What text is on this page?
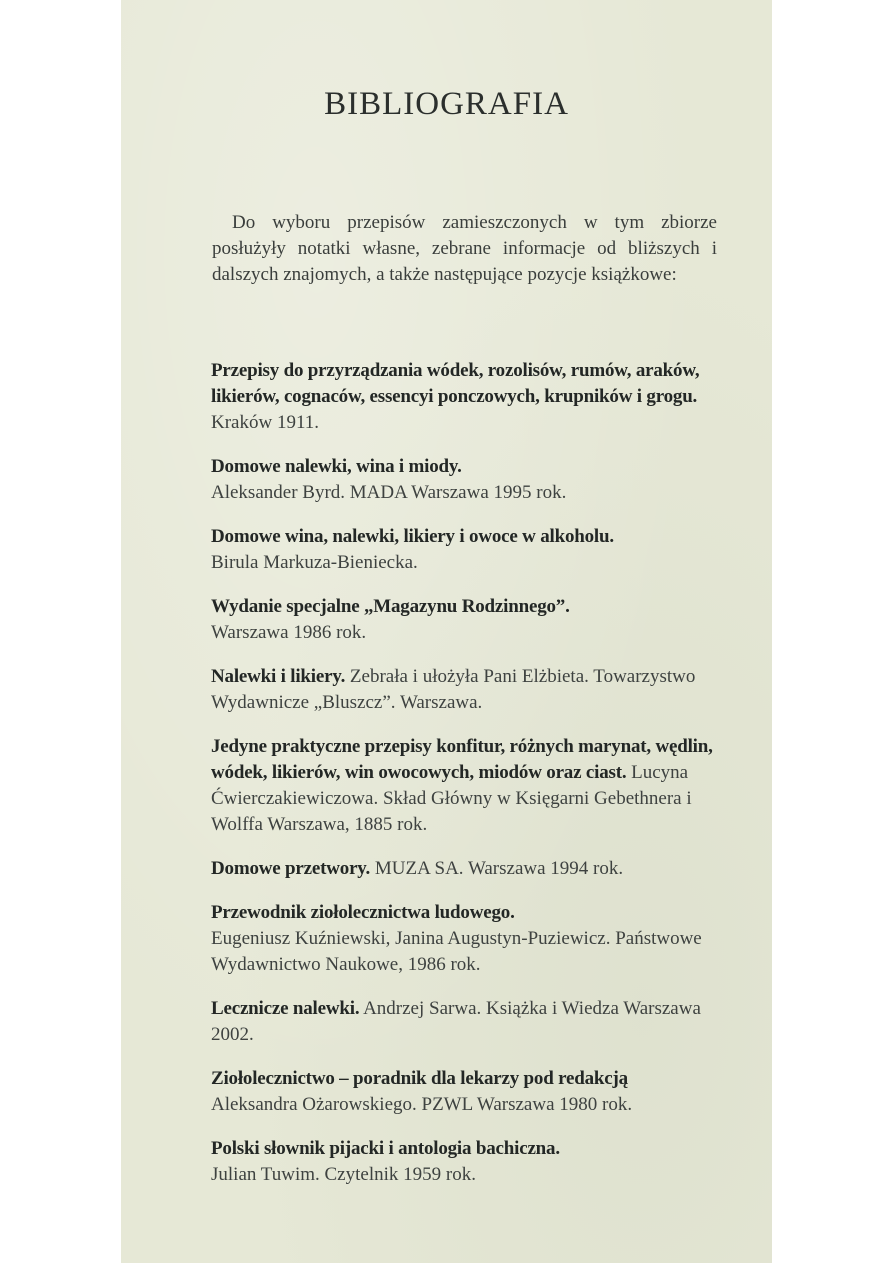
BIBLIOGRAFIA

Do wyboru przepisów zamieszczonych w tym zbiorze posłużyły notatki własne, zebrane informacje od bliższych i dalszych znajomych, a także następujące pozycje książkowe:

Przepisy do przyrządzania wódek, rozolisów, rumów, araków, likierów, cognaców, essencyi ponczowych, krupników i grogu. Kraków 1911.
Domowe nalewki, wina i miody.
Aleksander Byrd. MADA Warszawa 1995 rok.
Domowe wina, nalewki, likiery i owoce w alkoholu.
Birula Markuza-Bieniecka.
Wydanie specjalne „Magazynu Rodzinnego”.
Warszawa 1986 rok.
Nalewki i likiery. Zebrała i ułożyła Pani Elżbieta. Towarzystwo Wydawnicze „Bluszcz”. Warszawa.
Jedyne praktyczne przepisy konfitur, różnych marynat, wędlin, wódek, likierów, win owocowych, miodów oraz ciast. Lucyna Ćwierczakiewiczowa. Skład Główny w Księgarni Gebethnera i Wolffa Warszawa, 1885 rok.
Domowe przetwory. MUZA SA. Warszawa 1994 rok.
Przewodnik ziołolecznictwa ludowego.
Eugeniusz Kuźniewski, Janina Augustyn-Puziewicz. Państwowe Wydawnictwo Naukowe, 1986 rok.
Lecznicze nalewki. Andrzej Sarwa. Książka i Wiedza Warszawa 2002.
Ziołolecznictwo – poradnik dla lekarzy pod redakcją
Aleksandra Ożarowskiego. PZWL Warszawa 1980 rok.
Polski słownik pijacki i antologia bachiczna.
Julian Tuwim. Czytelnik 1959 rok.
